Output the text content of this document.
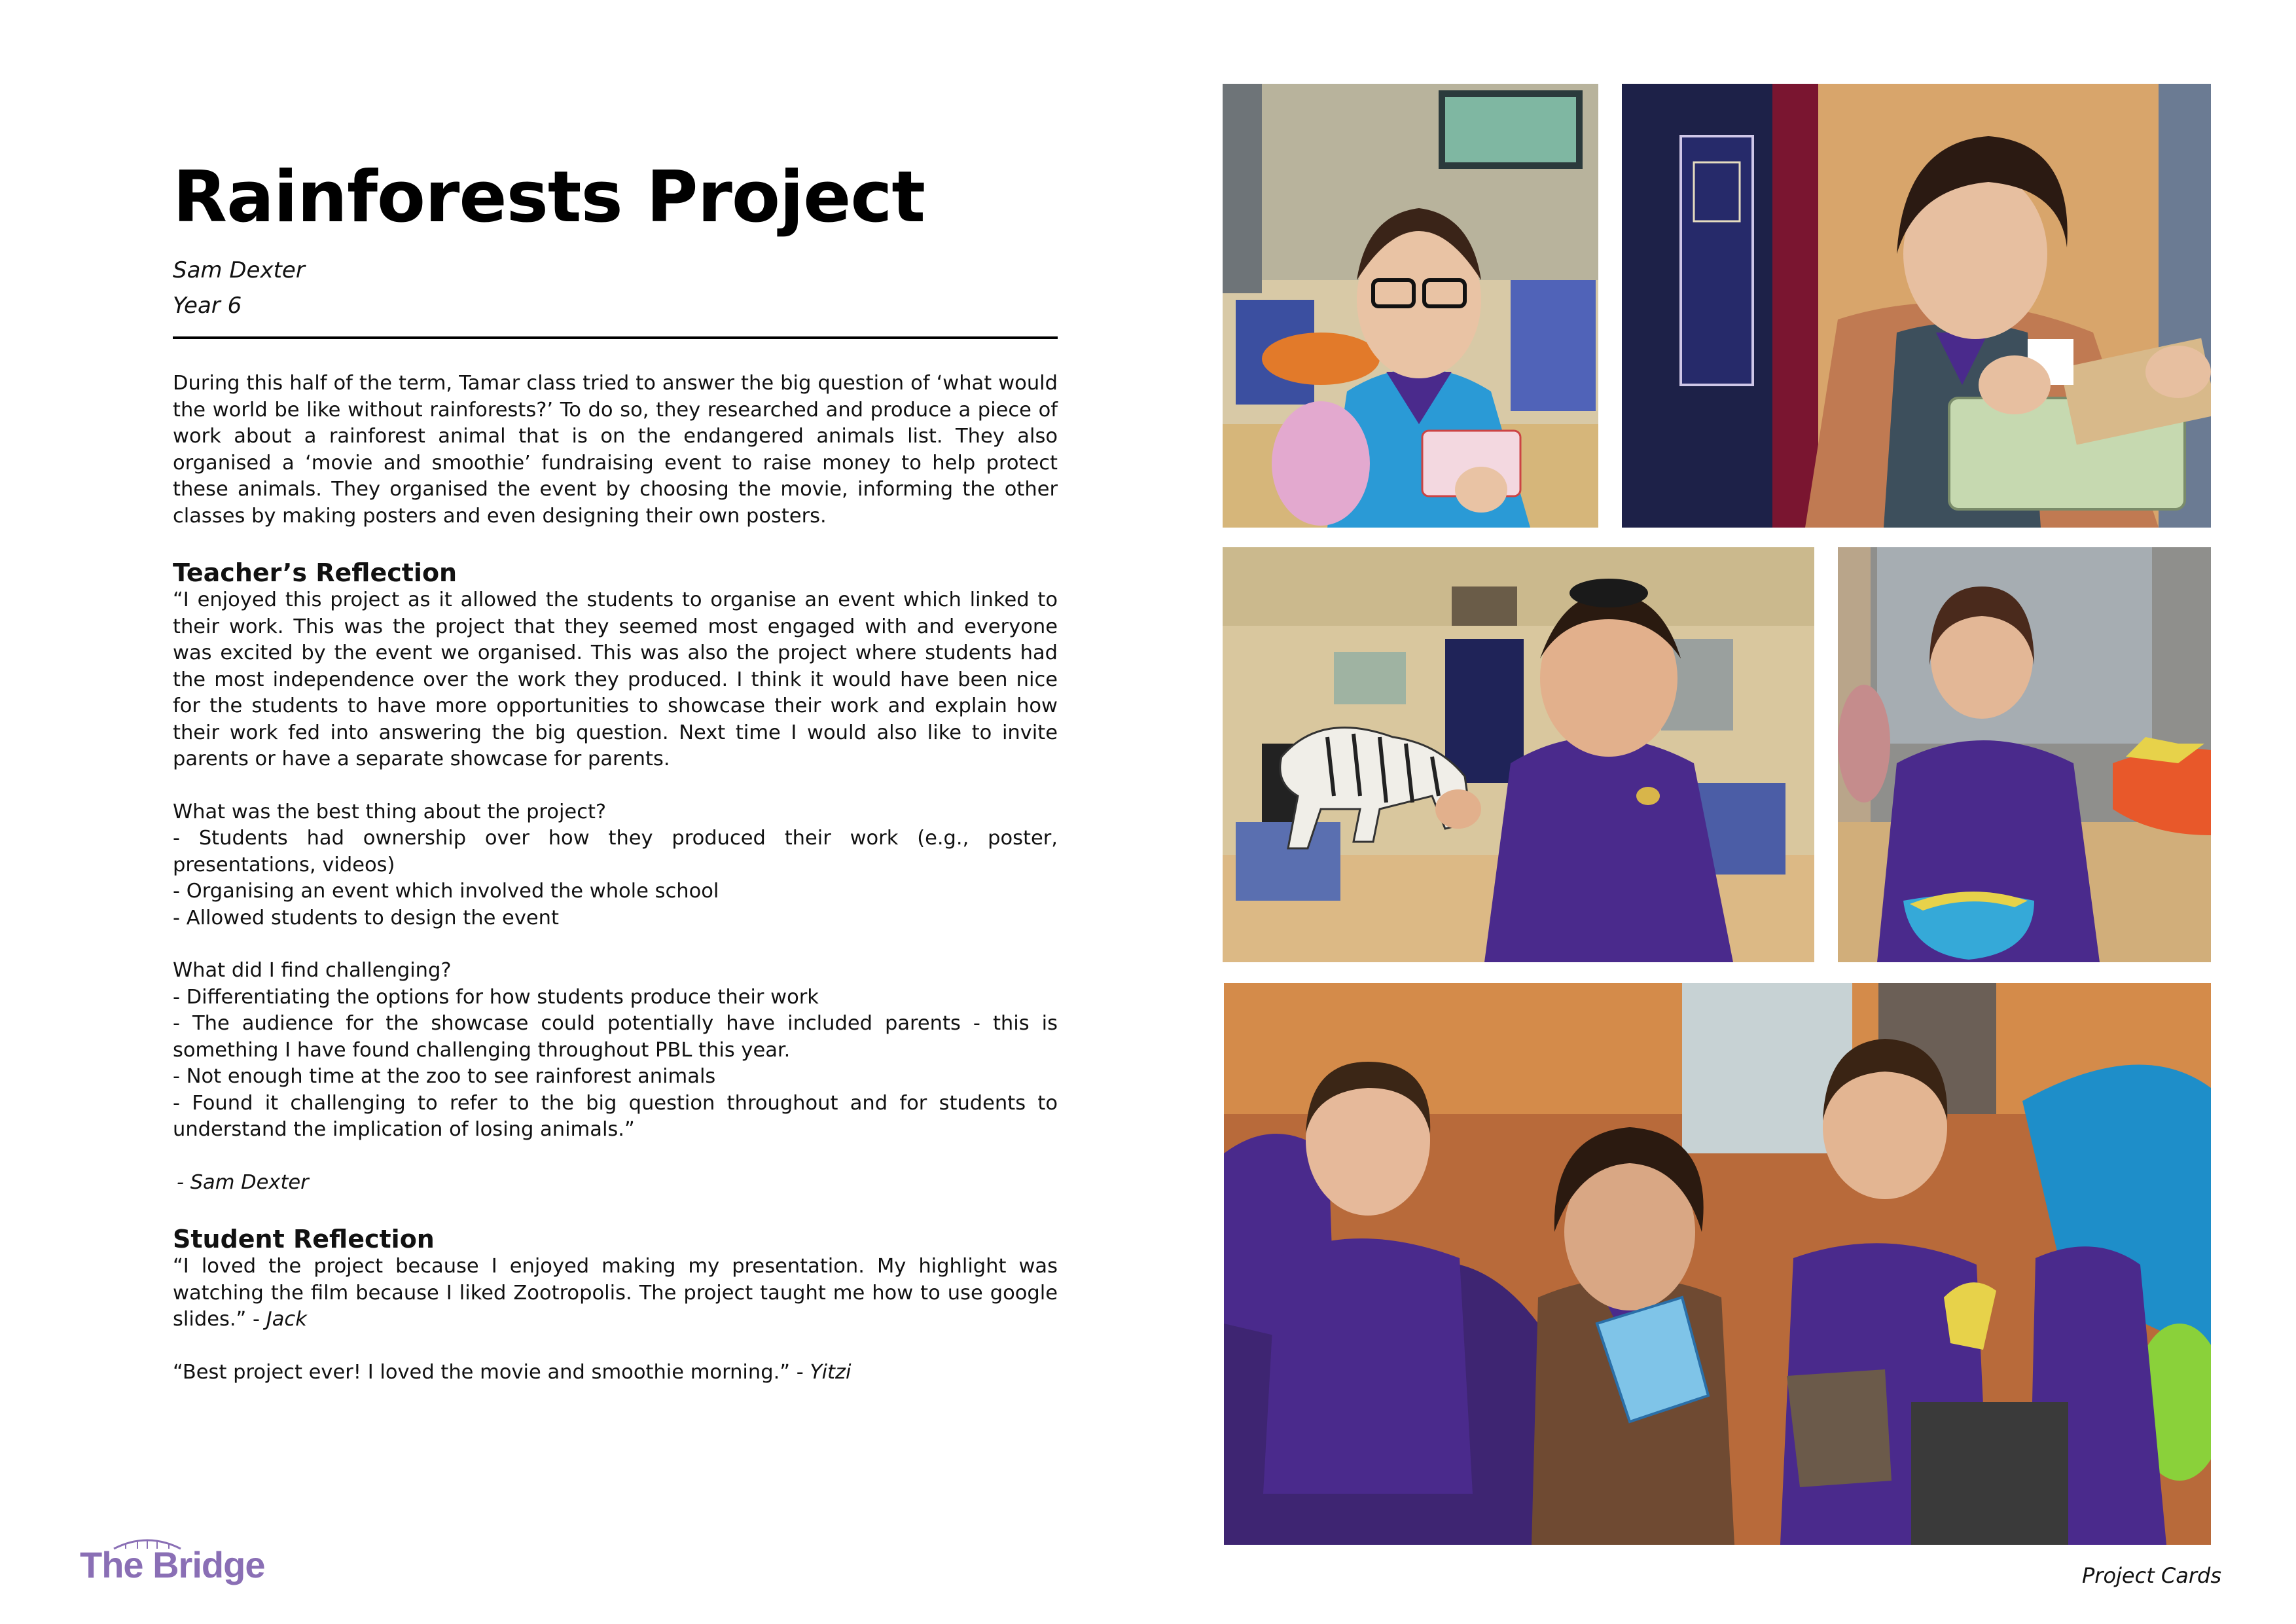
Rainforests Project
Sam Dexter
Year 6

During this half of the term, Tamar class tried to answer the big question of ‘what would the world be like without rainforests?’ To do so, they researched and produce a piece of work about a rainforest animal that is on the endangered animals list. They also organised a ‘movie and smoothie’ fundraising event to raise money to help protect these animals. They organised the event by choosing the movie, informing the other classes by making posters and even designing their own posters.

Teacher’s Reflection

“I enjoyed this project as it allowed the students to organise an event which linked to their work. This was the project that they seemed most engaged with and everyone was excited by the event we organised. This was also the project where students had the most independence over the work they produced. I think it would have been nice for the students to have more opportunities to showcase their work and explain how their work fed into answering the big question. Next time I would also like to invite parents or have a separate showcase for parents.

What was the best thing about the project?

- Students had ownership over how they produced their work (e.g., poster, presentations, videos)
- Organising an event which involved the whole school
- Allowed students to design the event

What did I find challenging?

- Differentiating the options for how students produce their work
- The audience for the showcase could potentially have included parents - this is something I have found challenging throughout PBL this year.
- Not enough time at the zoo to see rainforest animals
- Found it challenging to refer to the big question throughout and for students to understand the implication of losing animals.”

- Sam Dexter

Student Reflection

“I loved the project because I enjoyed making my presentation. My highlight was watching the film because I liked Zootropolis. The project taught me how to use google slides.” - Jack

“Best project ever! I loved the movie and smoothie morning.” - Yitzi

The Bridge	Project Cards
